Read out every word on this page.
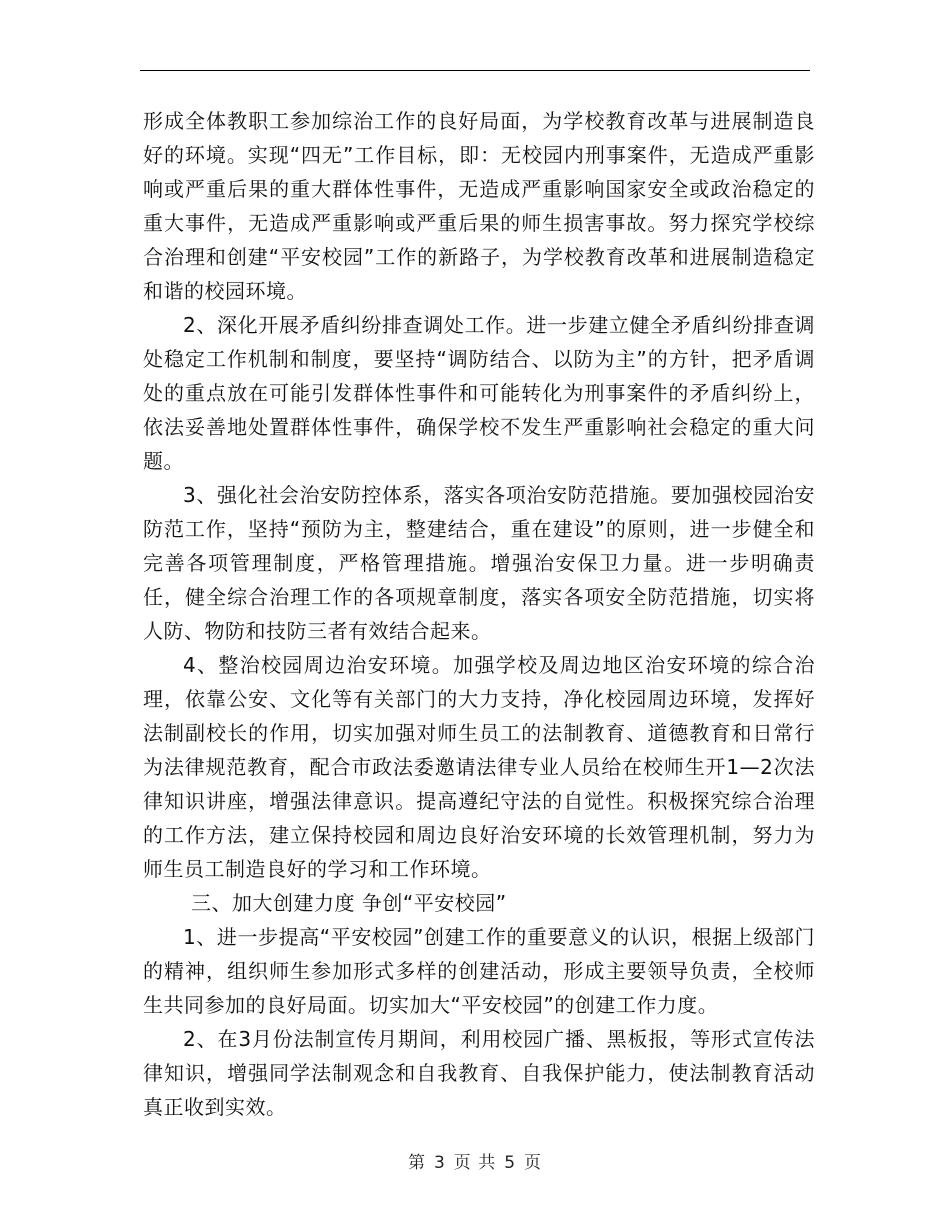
形成全体教职工参加综治工作的良好局面，为学校教育改革与进展制造良好的环境。实现“四无”工作目标，即：无校园内刑事案件，无造成严重影响或严重后果的重大群体性事件，无造成严重影响国家安全或政治稳定的重大事件，无造成严重影响或严重后果的师生损害事故。努力探究学校综合治理和创建“平安校园”工作的新路子，为学校教育改革和进展制造稳定和谐的校园环境。

2、深化开展矛盾纠纷排查调处工作。进一步建立健全矛盾纠纷排查调处稳定工作机制和制度，要坚持“调防结合、以防为主”的方针，把矛盾调处的重点放在可能引发群体性事件和可能转化为刑事案件的矛盾纠纷上，依法妥善地处置群体性事件，确保学校不发生严重影响社会稳定的重大问题。

3、强化社会治安防控体系，落实各项治安防范措施。要加强校园治安防范工作，坚持“预防为主，整建结合，重在建设”的原则，进一步健全和完善各项管理制度，严格管理措施。增强治安保卫力量。进一步明确责任，健全综合治理工作的各项规章制度，落实各项安全防范措施，切实将人防、物防和技防三者有效结合起来。

4、整治校园周边治安环境。加强学校及周边地区治安环境的综合治理，依靠公安、文化等有关部门的大力支持，净化校园周边环境，发挥好法制副校长的作用，切实加强对师生员工的法制教育、道德教育和日常行为法律规范教育，配合市政法委邀请法律专业人员给在校师生开1—2次法律知识讲座，增强法律意识。提高遵纪守法的自觉性。积极探究综合治理的工作方法，建立保持校园和周边良好治安环境的长效管理机制，努力为师生员工制造良好的学习和工作环境。

三、加大创建力度 争创“平安校园”

1、进一步提高“平安校园”创建工作的重要意义的认识，根据上级部门的精神，组织师生参加形式多样的创建活动，形成主要领导负责，全校师生共同参加的良好局面。切实加大“平安校园”的创建工作力度。

2、在3月份法制宣传月期间，利用校园广播、黑板报，等形式宣传法律知识，增强同学法制观念和自我教育、自我保护能力，使法制教育活动真正收到实效。

第 3 页 共 5 页
